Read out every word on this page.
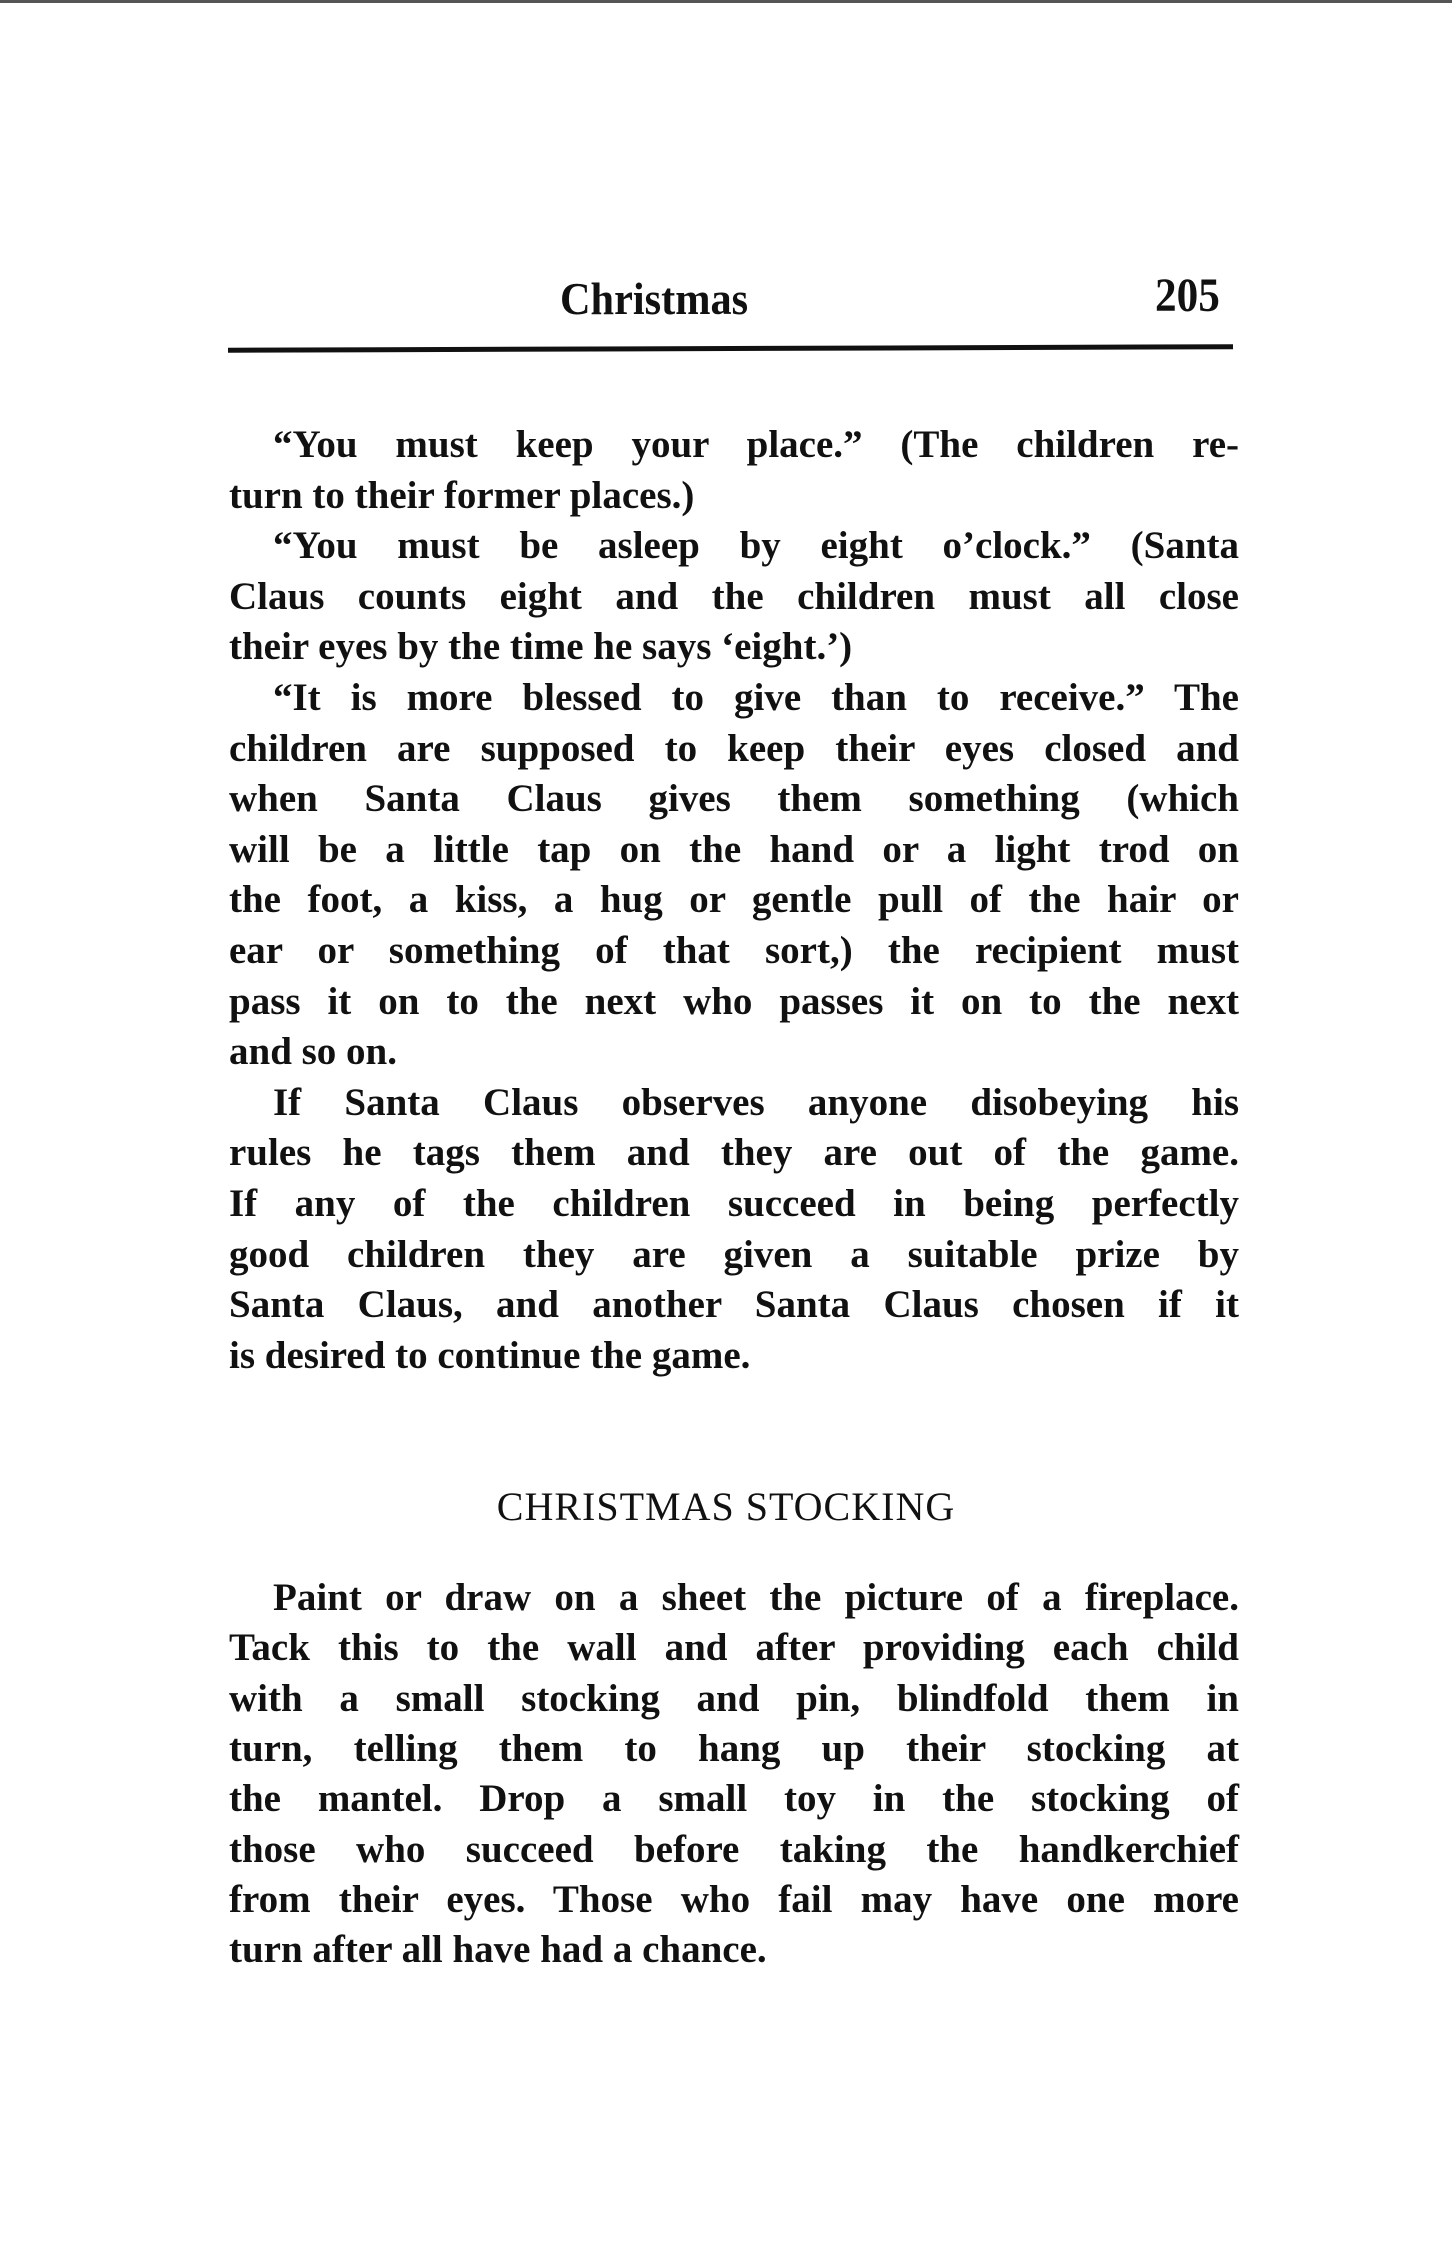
Christmas	205
“You must keep your place.” (The children re-
turn to their former places.)
“You must be asleep by eight o’clock.” (Santa
Claus counts eight and the children must all close
their eyes by the time he says ‘eight.’)
“It is more blessed to give than to receive.” The
children are supposed to keep their eyes closed and
when Santa Claus gives them something (which
will be a little tap on the hand or a light trod on
the foot, a kiss, a hug or gentle pull of the hair or
ear or something of that sort,) the recipient must
pass it on to the next who passes it on to the next
and so on.
If Santa Claus observes anyone disobeying his
rules he tags them and they are out of the game.
If any of the children succeed in being perfectly
good children they are given a suitable prize by
Santa Claus, and another Santa Claus chosen if it
is desired to continue the game.
CHRISTMAS STOCKING
Paint or draw on a sheet the picture of a fireplace.
Tack this to the wall and after providing each child
with a small stocking and pin, blindfold them in
turn, telling them to hang up their stocking at
the mantel. Drop a small toy in the stocking of
those who succeed before taking the handkerchief
from their eyes. Those who fail may have one more
turn after all have had a chance.
